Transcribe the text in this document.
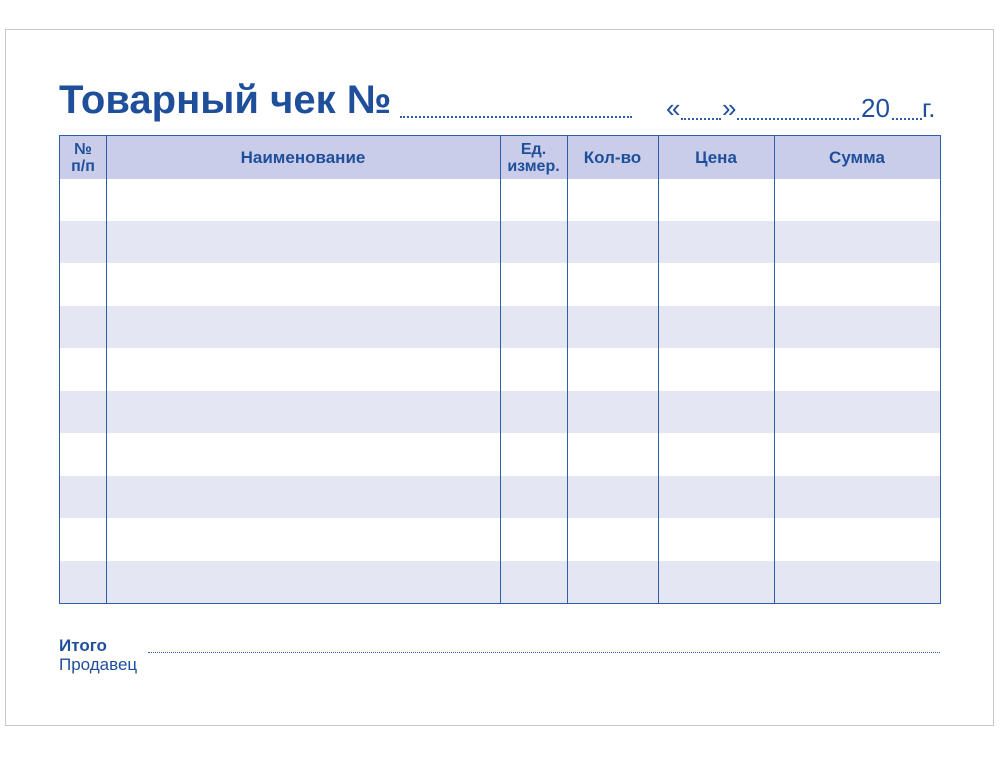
Товарный чек №	« »	20 г.
№ п/п	Наименование	Ед. измер.	Кол-во	Цена	Сумма
Итого
Продавец
